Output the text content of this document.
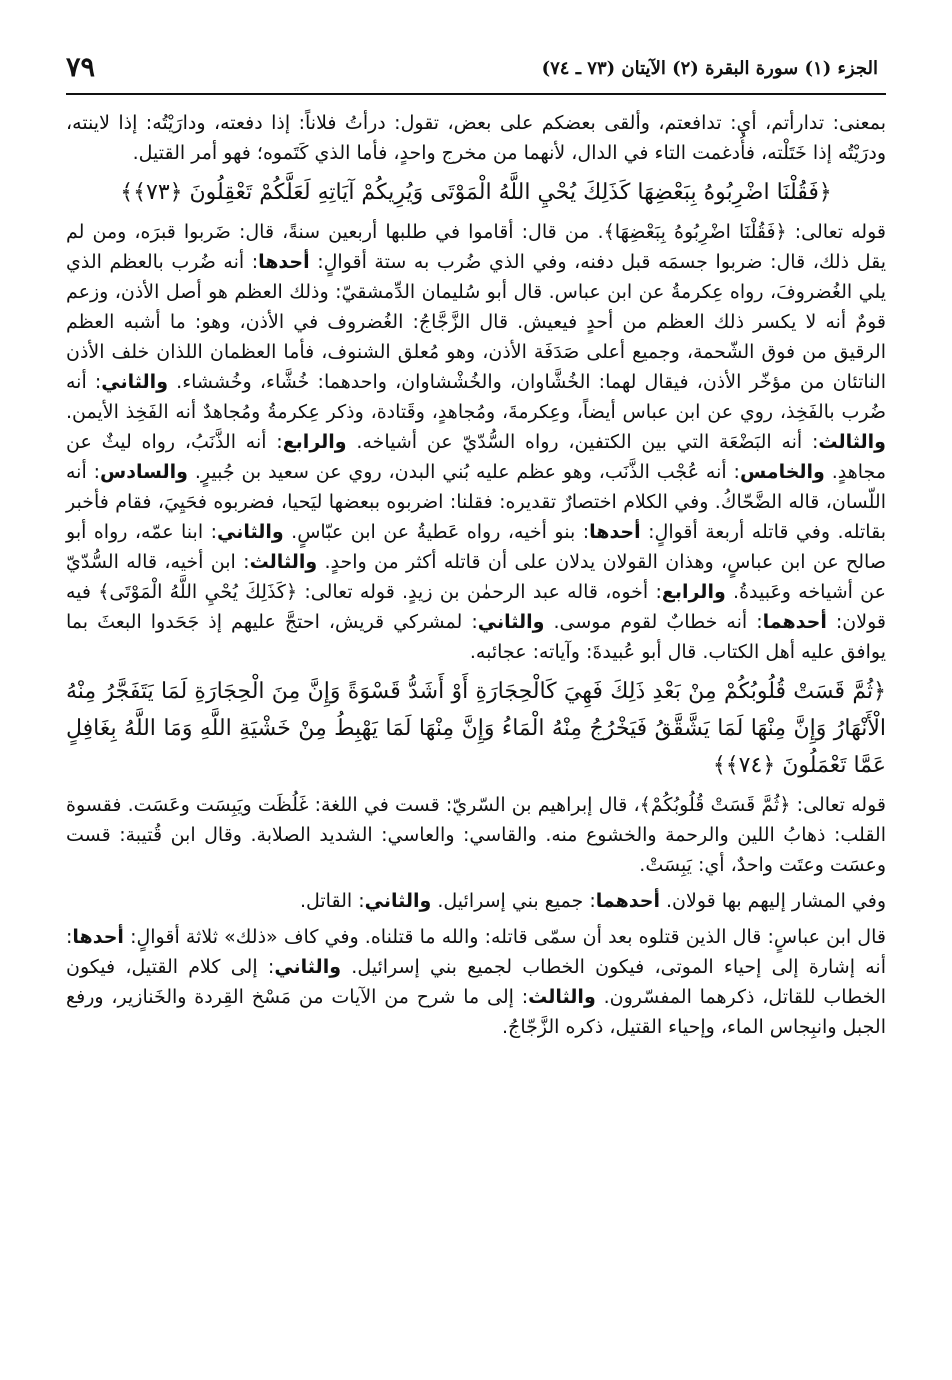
٧٩	الجزء (١) سورة البقرة (٢) الآيتان (٧٣ ـ ٧٤)

بمعنى: تدارأتم، أي: تدافعتم، وألقى بعضكم على بعض، تقول: درأتُ فلاناً: إذا دفعته، ودارَيْتُه: إذا لاينته، ودرَيْتُه إذا خَتَلْته، فأُدغمت التاء في الدال، لأنهما من مخرج واحدٍ، فأما الذي كَتَموه؛ فهو أمر القتيل.

﴿فَقُلْنَا اضْرِبُوهُ بِبَعْضِهَا كَذَلِكَ يُحْيِ اللَّهُ الْمَوْتَى وَيُرِيكُمْ آيَاتِهِ لَعَلَّكُمْ تَعْقِلُونَ ﴿٧٣﴾﴾

قوله تعالى: ﴿فَقُلْنَا اضْرِبُوهُ بِبَعْضِهَا﴾. من قال: أقاموا في طلبها أربعين سنةً، قال: ضَربوا قبرَه، ومن لم يقل ذلك، قال: ضربوا جسمَه قبل دفنه، وفي الذي ضُرب به ستة أقوالٍ: أحدها: أنه ضُرب بالعظم الذي يلي الغُضروفَ، رواه عِكرمةُ عن ابن عباس. قال أبو سُليمان الدِّمشقيّ: وذلك العظم هو أصل الأذن، وزعم قومٌ أنه لا يكسر ذلك العظم من أحدٍ فيعيش. قال الزَّجَّاجُ: الغُضروف في الأذن، وهو: ما أشبه العظم الرقيق من فوق الشّحمة، وجميع أعلى صَدَفَة الأذن، وهو مُعلق الشنوف، فأما العظمان اللذان خلف الأذن الناتئان من مؤخّر الأذن، فيقال لهما: الخُشَّاوان، والخُشْشاوان، واحدهما: خُشَّاء، وخُششاء. والثاني: أنه ضُرب بالفَخِذ، روي عن ابن عباس أيضاً، وعِكرمةَ، ومُجاهدٍ، وقَتادة، وذكر عِكرمةُ ومُجاهدٌ أنه الفَخِذ الأيمن. والثالث: أنه البَضْعَة التي بين الكتفين، رواه السُّدّيّ عن أشياخه. والرابع: أنه الذَّنَبُ، رواه ليثٌ عن مجاهدٍ. والخامس: أنه عُجْب الذَّنَب، وهو عظم عليه بُني البدن، روي عن سعيد بن جُبيرٍ. والسادس: أنه اللّسان، قاله الضَّحّاكُ. وفي الكلام اختصارٌ تقديره: فقلنا: اضربوه ببعضها ليَحيا، فضربوه فحَيِيَ، فقام فأخبر بقاتله. وفي قاتله أربعة أقوالٍ: أحدها: بنو أخيه، رواه عَطيةُ عن ابن عبّاسٍ. والثاني: ابنا عمّه، رواه أبو صالح عن ابن عباسٍ، وهذان القولان يدلان على أن قاتله أكثر من واحدٍ. والثالث: ابن أخيه، قاله السُّدّيّ عن أشياخه وعَبيدةُ. والرابع: أخوه، قاله عبد الرحمٰن بن زيدٍ. قوله تعالى: ﴿كَذَلِكَ يُحْيِ اللَّهُ الْمَوْتَى﴾ فيه قولان: أحدهما: أنه خطابٌ لقوم موسى. والثاني: لمشركي قريش، احتجَّ عليهم إذ جَحَدوا البعثَ بما يوافق عليه أهل الكتاب. قال أبو عُبيدةَ: وآياته: عجائبه.

﴿ثُمَّ قَسَتْ قُلُوبُكُمْ مِنْ بَعْدِ ذَلِكَ فَهِيَ كَالْحِجَارَةِ أَوْ أَشَدُّ قَسْوَةً وَإِنَّ مِنَ الْحِجَارَةِ لَمَا يَتَفَجَّرُ مِنْهُ الْأَنْهَارُ وَإِنَّ مِنْهَا لَمَا يَشَّقَّقُ فَيَخْرُجُ مِنْهُ الْمَاءُ وَإِنَّ مِنْهَا لَمَا يَهْبِطُ مِنْ خَشْيَةِ اللَّهِ وَمَا اللَّهُ بِغَافِلٍ عَمَّا تَعْمَلُونَ ﴿٧٤﴾﴾

قوله تعالى: ﴿ثُمَّ قَسَتْ قُلُوبُكُمْ﴾، قال إبراهيم بن السّريّ: قست في اللغة: غَلُظَت ويَبِسَت وعَسَت. فقسوة القلب: ذهابُ اللين والرحمة والخشوع منه. والقاسي: والعاسي: الشديد الصلابة. وقال ابن قُتيبة: قست وعسَت وعتَت واحدٌ، أي: يَبِسَتْ.

وفي المشار إليهم بها قولان. أحدهما: جميع بني إسرائيل. والثاني: القاتل.

قال ابن عباسٍ: قال الذين قتلوه بعد أن سمّى قاتله: والله ما قتلناه. وفي كاف «ذلك» ثلاثة أقوالٍ: أحدها: أنه إشارة إلى إحياء الموتى، فيكون الخطاب لجميع بني إسرائيل. والثاني: إلى كلام القتيل، فيكون الخطاب للقاتل، ذكرهما المفسّرون. والثالث: إلى ما شرح من الآيات من مَسْخ القِردة والخَنازير، ورفع الجبل وانبِجاس الماء، وإحياء القتيل، ذكره الزَّجّاجُ.
